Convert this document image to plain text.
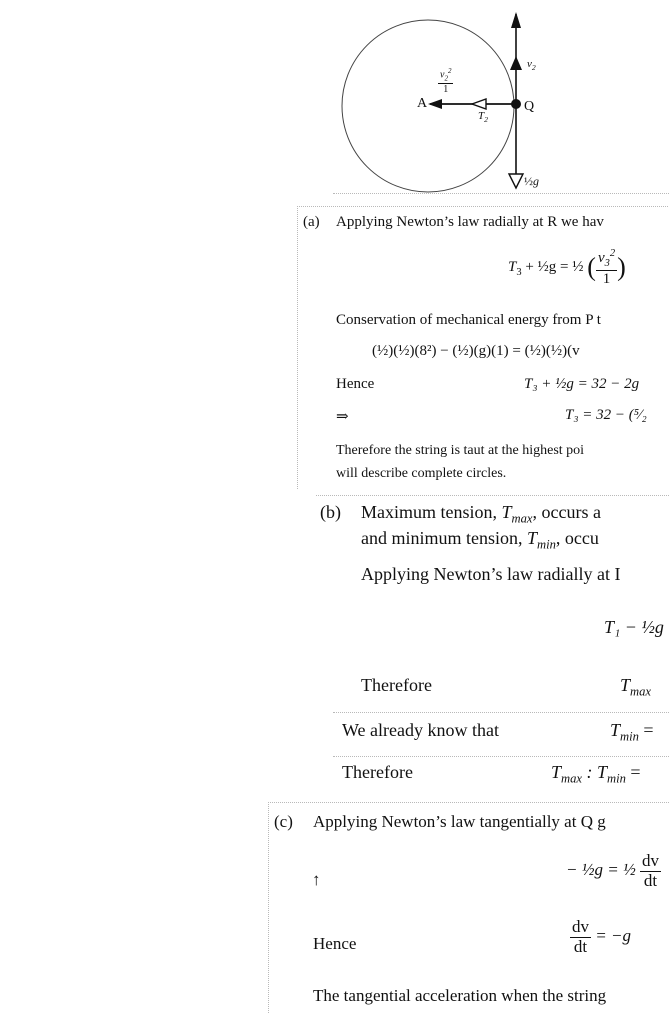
A	Q
$v_2$
$\frac{v_2^2}{1}$
$T_2$
½g
(a) Applying Newton’s law radially at R we hav
$T_3$ + ½g = ½ ( $\frac{v_3^2}{1}$ )
Conservation of mechanical energy from P t
(½)(½)(8²) − (½)(g)(1) = (½)(½)(v
Hence	T₃ + ½g = 32 − 2g
⇒	T₃ = 32 − (⁵⁄₂
Therefore the string is taut at the highest poi
will describe complete circles.
(b) Maximum tension, $T_{max}$, occurs a
and minimum tension, $T_{min}$, occu
Applying Newton’s law radially at I
T₁ − ½g
Therefore	$T_{max}$
We already know that	$T_{min}$ =
Therefore	$T_{max}$ : $T_{min}$ =
(c) Applying Newton’s law tangentially at Q g
↑
− ½g = ½ $\frac{dv}{dt}$
Hence	$\frac{dv}{dt} = -g$
The tangential acceleration when the string
